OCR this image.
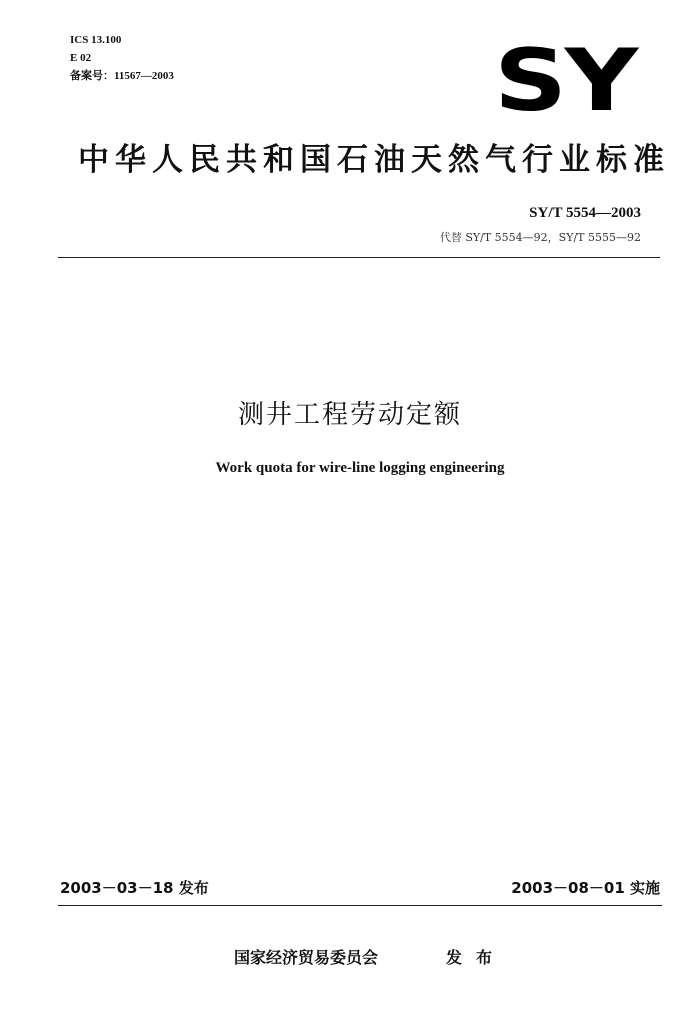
ICS 13.100
E 02
备案号：11567—2003	SY
中华人民共和国石油天然气行业标准
SY/T 5554—2003
代替 SY/T 5554—92，SY/T 5555—92
测井工程劳动定额
Work quota for wire-line logging engineering
2003－03－18 发布	2003－08－01 实施
国家经济贸易委员会	发布
